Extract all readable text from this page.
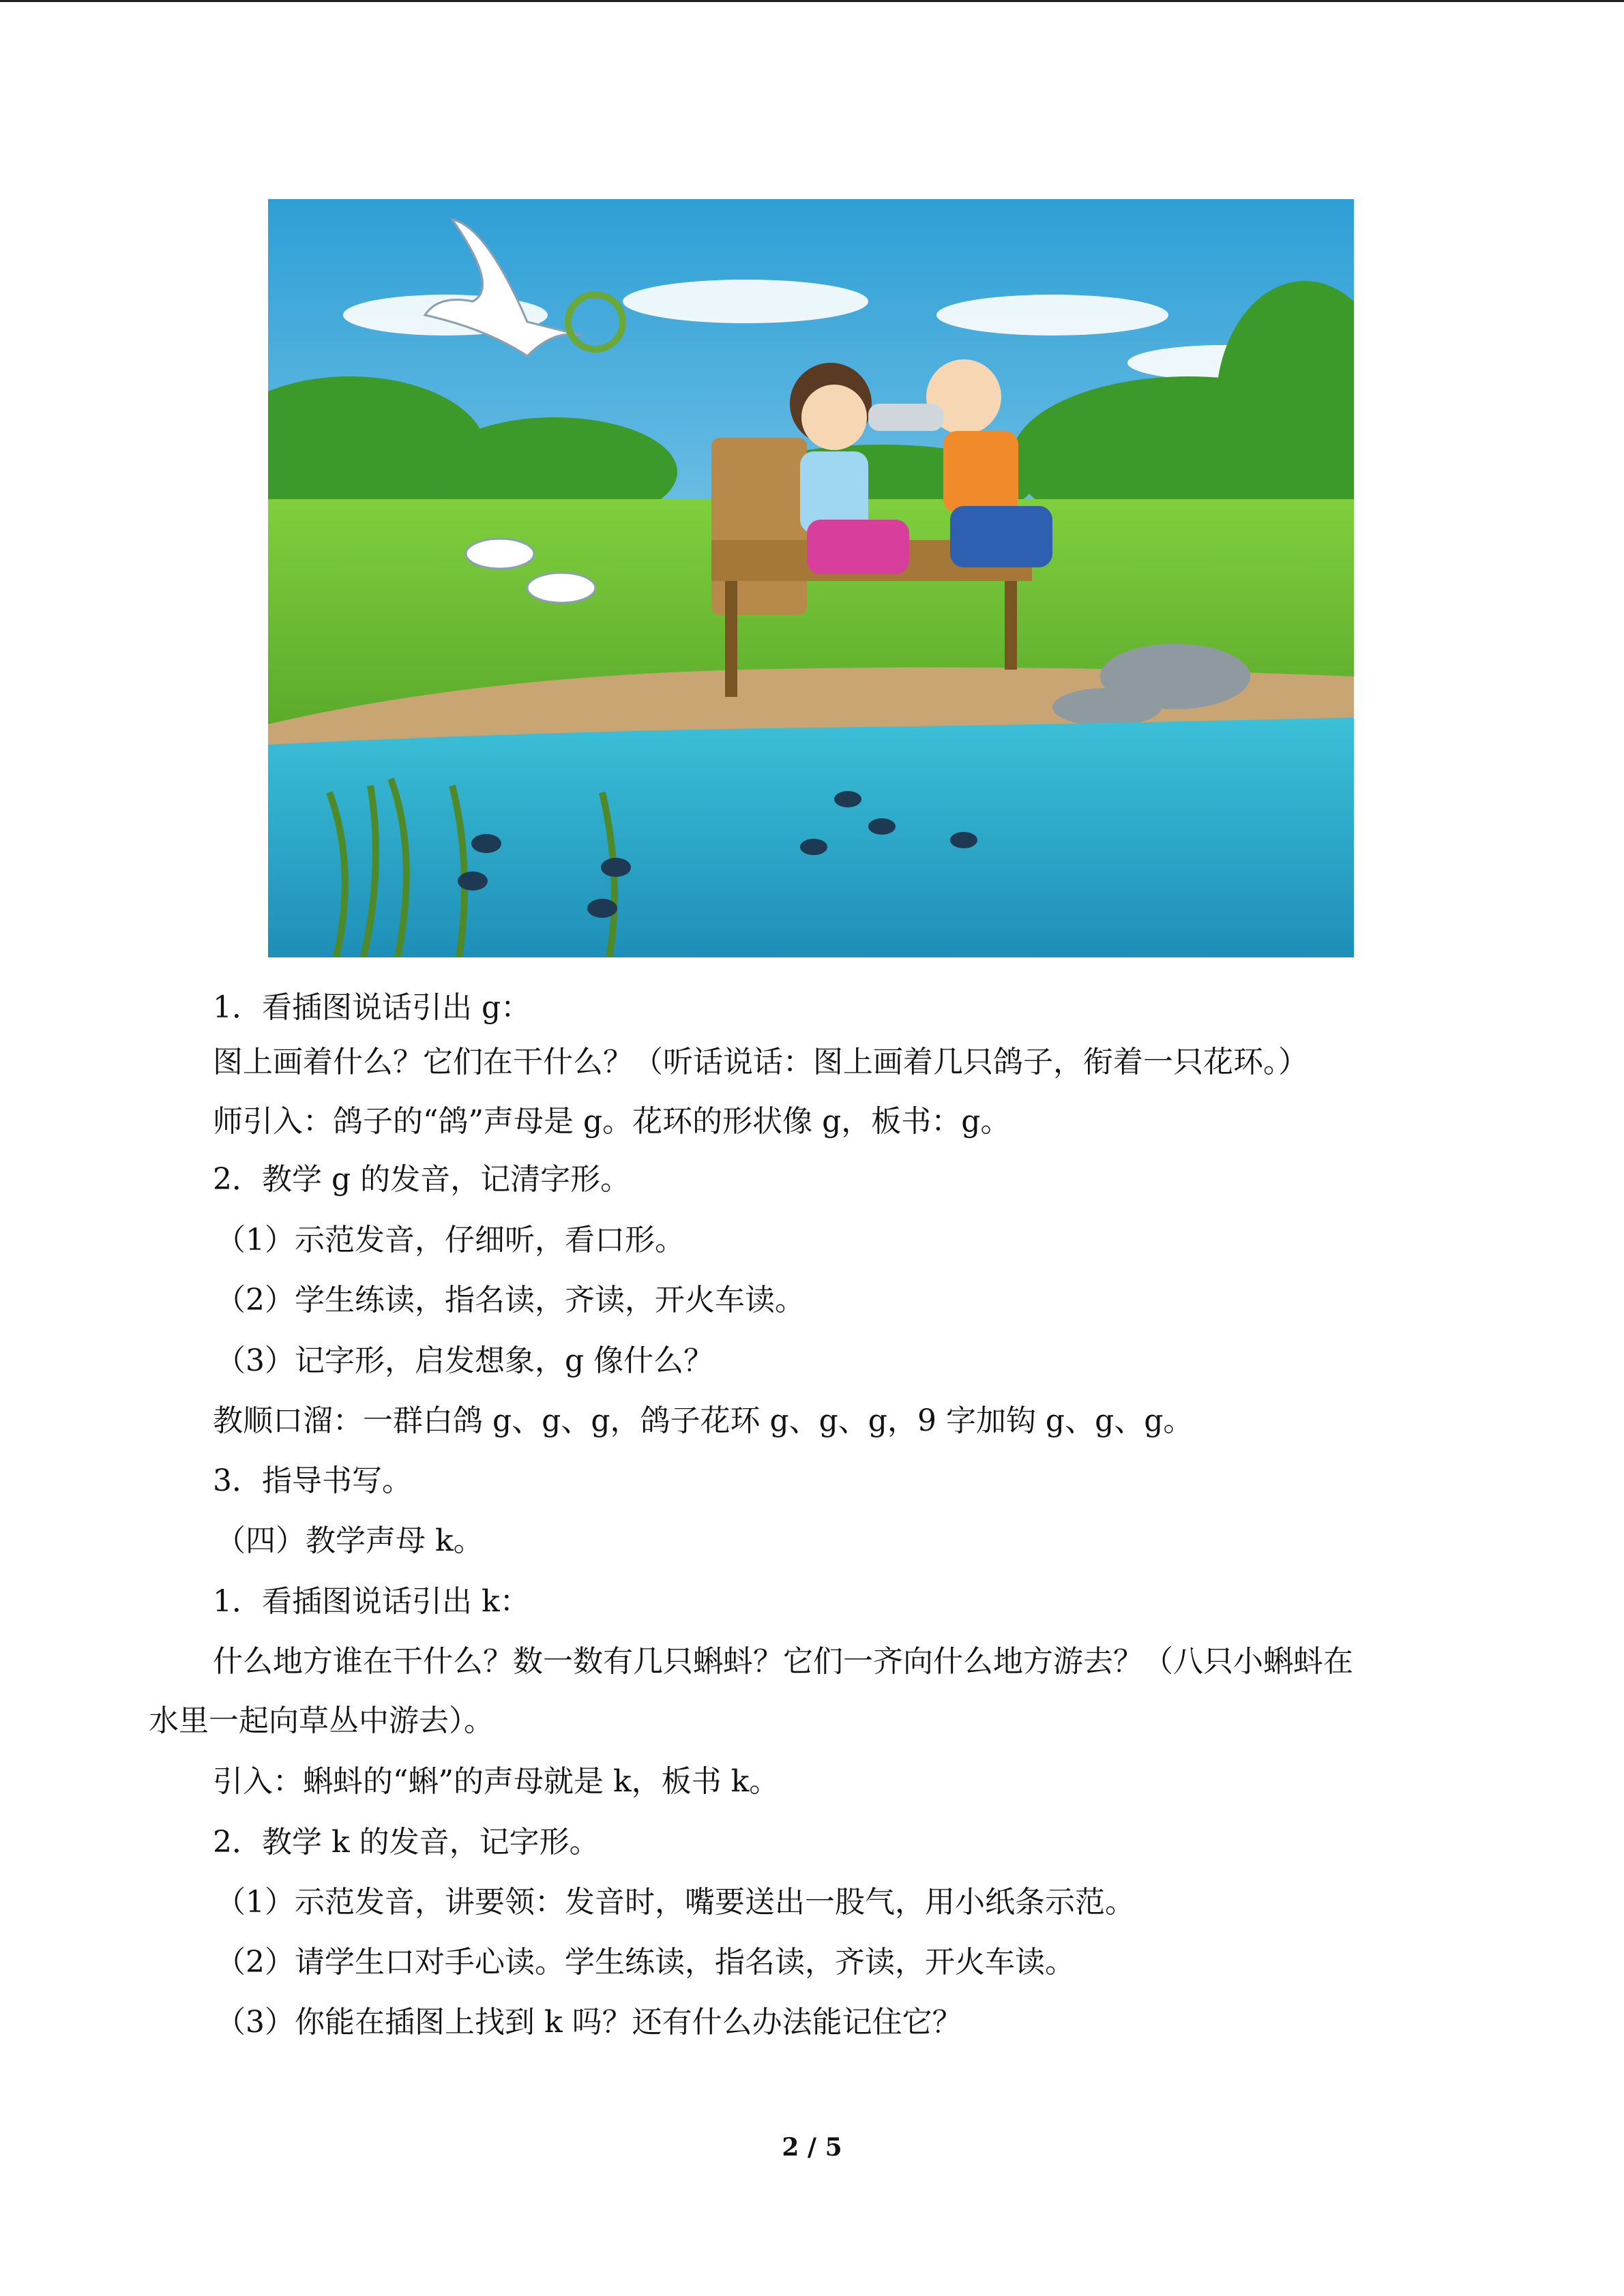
1．看插图说话引出 g：
图上画着什么？它们在干什么？（听话说话：图上画着几只鸽子，衔着一只花环。）
师引入：鸽子的“鸽”声母是 g。花环的形状像 g，板书：g。
2．教学 g 的发音，记清字形。
（1）示范发音，仔细听，看口形。
（2）学生练读，指名读，齐读，开火车读。
（3）记字形，启发想象，g 像什么？
教顺口溜：一群白鸽 g、g、g，鸽子花环 g、g、g，9 字加钩 g、g、g。
3．指导书写。
（四）教学声母 k。
1．看插图说话引出 k：
什么地方谁在干什么？数一数有几只蝌蚪？它们一齐向什么地方游去？（八只小蝌蚪在
水里一起向草丛中游去）。
引入：蝌蚪的“蝌”的声母就是 k，板书 k。
2．教学 k 的发音，记字形。
（1）示范发音，讲要领：发音时，嘴要送出一股气，用小纸条示范。
（2）请学生口对手心读。学生练读，指名读，齐读，开火车读。
（3）你能在插图上找到 k 吗？还有什么办法能记住它？
2 / 5
